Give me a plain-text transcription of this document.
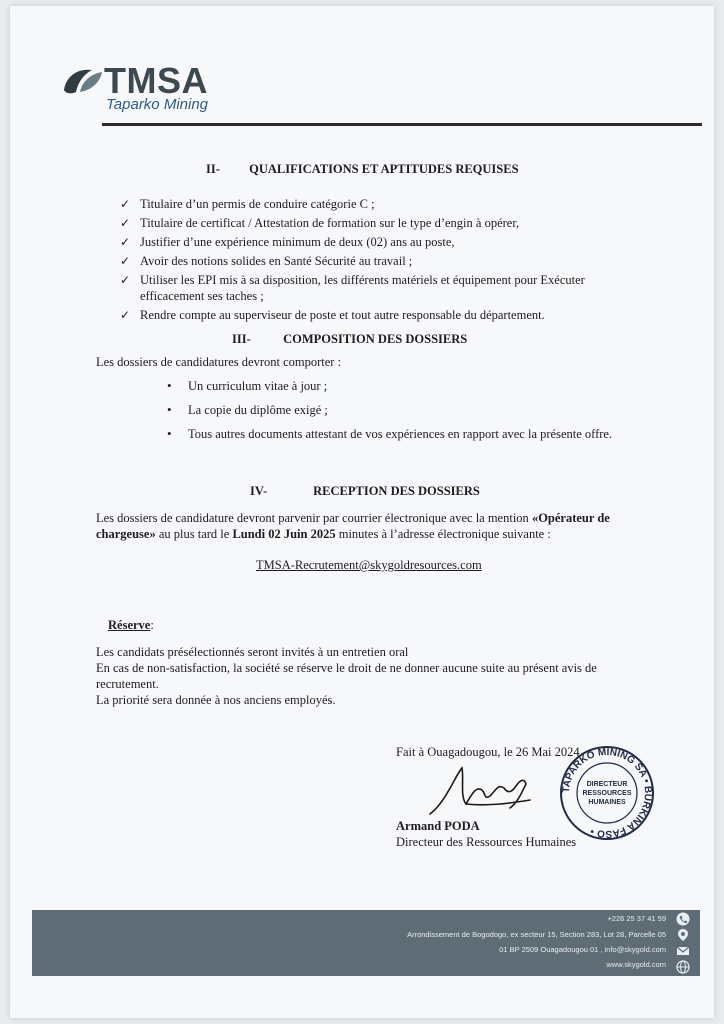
TMSA
Taparko Mining
II- QUALIFICATIONS ET APTITUDES REQUISES
✓ Titulaire d’un permis de conduire catégorie C ;
✓ Titulaire de certificat / Attestation de formation sur le type d’engin à opérer,
✓ Justifier d’une expérience minimum de deux (02) ans au poste,
✓ Avoir des notions solides en Santé Sécurité au travail ;
✓ Utiliser les EPI mis à sa disposition, les différents matériels et équipement pour Exécuter efficacement ses taches ;
✓ Rendre compte au superviseur de poste et tout autre responsable du département.
III-	COMPOSITION DES DOSSIERS
Les dossiers de candidatures devront comporter :
• Un curriculum vitae à jour ;
• La copie du diplôme exigé ;
• Tous autres documents attestant de vos expériences en rapport avec la présente offre.
IV-	RECEPTION DES DOSSIERS
Les dossiers de candidature devront parvenir par courrier électronique avec la mention «Opérateur de chargeuse» au plus tard le Lundi 02 Juin 2025 minutes à l’adresse électronique suivante :
TMSA-Recrutement@skygoldresources.com
Réserve:
Les candidats présélectionnés seront invités à un entretien oral
En cas de non-satisfaction, la société se réserve le droit de ne donner aucune suite au présent avis de recrutement.
La priorité sera donnée à nos anciens employés.
Fait à Ouagadougou, le 26 Mai 2024
Armand PODA
Directeur des Ressources Humaines
TAPARKO MINING SA • BURKINA FASO •
DIRECTEUR
RESSOURCES
HUMAINES
+226 25 37 41 59
Arrondissement de Bogodogo, ex secteur 15, Section 283, Lot 28, Parcelle 05
01 BP 2509 Ouagadougou 01 , info@skygold.com
www.skygold.com
